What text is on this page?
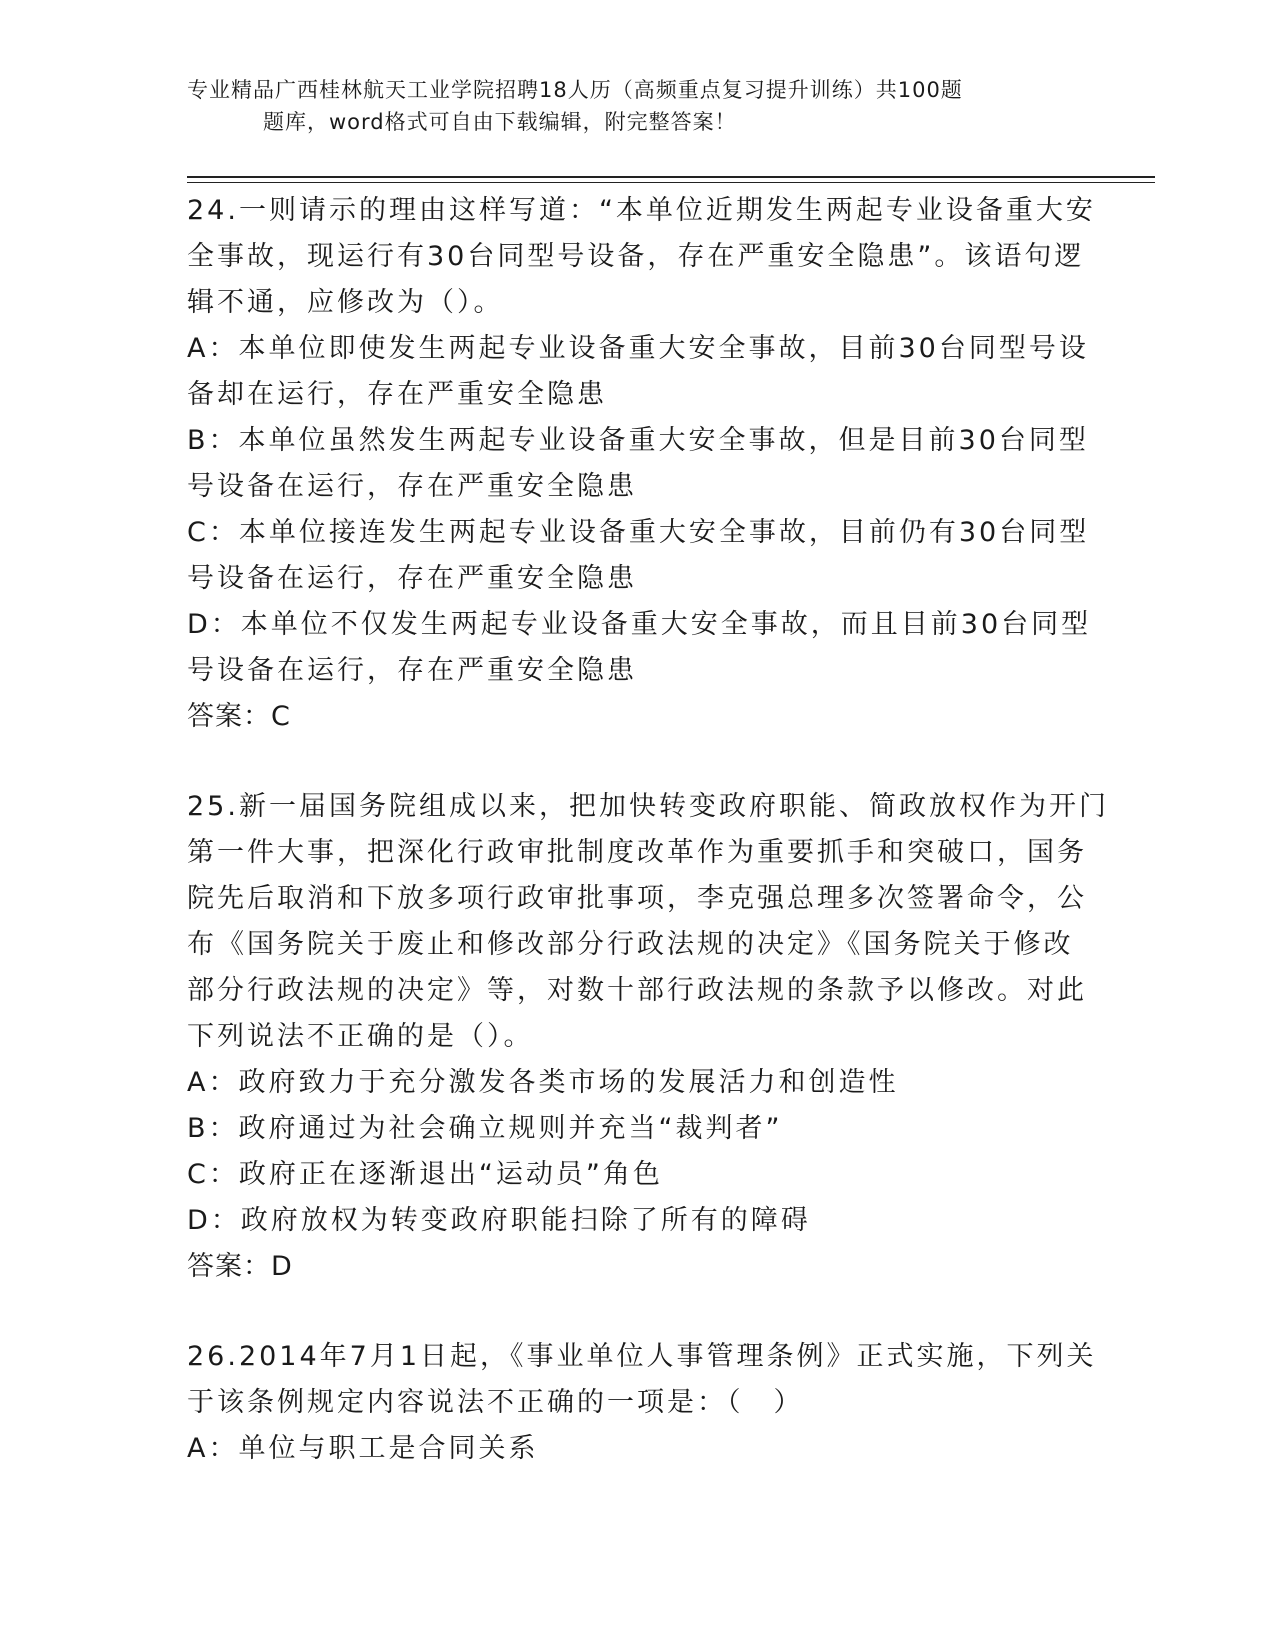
专业精品广西桂林航天工业学院招聘18人历（高频重点复习提升训练）共100题
题库，word格式可自由下载编辑，附完整答案！
24.一则请示的理由这样写道：“本单位近期发生两起专业设备重大安
全事故，现运行有30台同型号设备，存在严重安全隐患”。该语句逻
辑不通，应修改为（）。
A：本单位即使发生两起专业设备重大安全事故，目前30台同型号设
备却在运行，存在严重安全隐患
B：本单位虽然发生两起专业设备重大安全事故，但是目前30台同型
号设备在运行，存在严重安全隐患
C：本单位接连发生两起专业设备重大安全事故，目前仍有30台同型
号设备在运行，存在严重安全隐患
D：本单位不仅发生两起专业设备重大安全事故，而且目前30台同型
号设备在运行，存在严重安全隐患
答案：C
25.新一届国务院组成以来，把加快转变政府职能、简政放权作为开门
第一件大事，把深化行政审批制度改革作为重要抓手和突破口，国务
院先后取消和下放多项行政审批事项，李克强总理多次签署命令，公
布《国务院关于废止和修改部分行政法规的决定》《国务院关于修改
部分行政法规的决定》等，对数十部行政法规的条款予以修改。对此
下列说法不正确的是（）。
A：政府致力于充分激发各类市场的发展活力和创造性
B：政府通过为社会确立规则并充当“裁判者”
C：政府正在逐渐退出“运动员”角色
D：政府放权为转变政府职能扫除了所有的障碍
答案：D
26.2014年7月1日起，《事业单位人事管理条例》正式实施，下列关
于该条例规定内容说法不正确的一项是：（　）
A：单位与职工是合同关系
